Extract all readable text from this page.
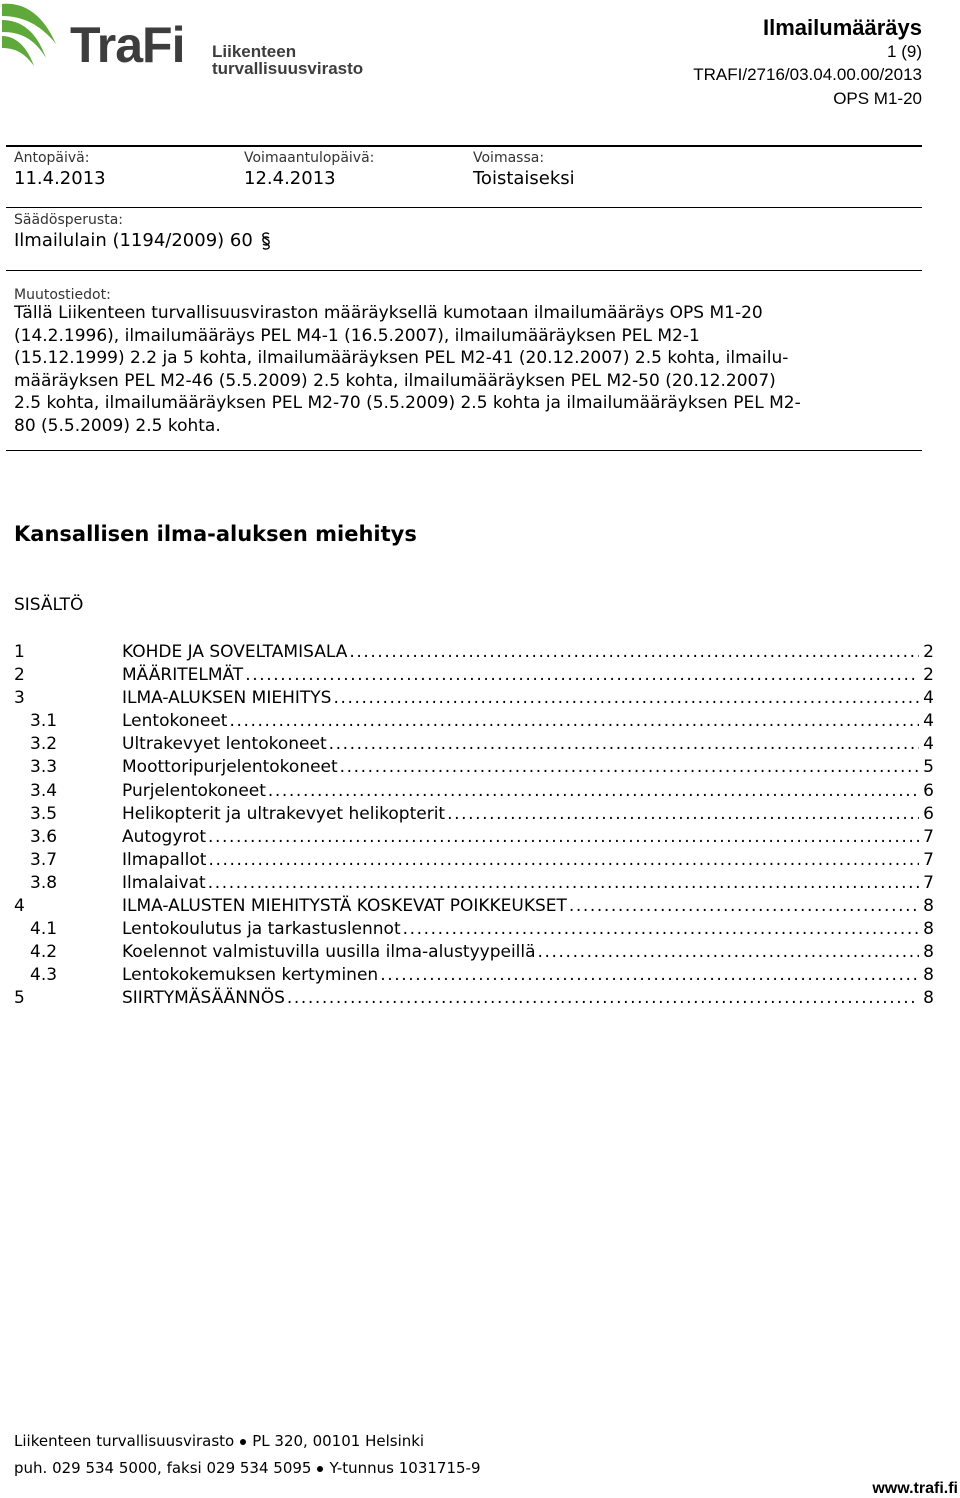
TraFi Liikenteen turvallisuusvirasto
Ilmailumääräys
1 (9)
TRAFI/2716/03.04.00.00/2013
OPS M1-20
Antopäivä:
11.4.2013
Voimaantulopäivä:
12.4.2013
Voimassa:
Toistaiseksi
Säädösperusta:
Ilmailulain (1194/2009) 60
Muutostiedot:
Tällä Liikenteen turvallisuusviraston määräyksellä kumotaan ilmailumääräys OPS M1-20
(14.2.1996), ilmailumääräys PEL M4-1 (16.5.2007), ilmailumääräyksen PEL M2-1
(15.12.1999) 2.2 ja 5 kohta, ilmailumääräyksen PEL M2-41 (20.12.2007) 2.5 kohta, ilmailu-
määräyksen PEL M2-46 (5.5.2009) 2.5 kohta, ilmailumääräyksen PEL M2-50 (20.12.2007)
2.5 kohta, ilmailumääräyksen PEL M2-70 (5.5.2009) 2.5 kohta ja ilmailumääräyksen PEL M2-
80 (5.5.2009) 2.5 kohta.
Kansallisen ilma-aluksen miehitys
SISÄLTÖ
1	KOHDE JA SOVELTAMISALA .....	2
2	MÄÄRITELMÄT .....	2
3	ILMA-ALUKSEN MIEHITYS .....	4
3.1	Lentokoneet .....	4
3.2	Ultrakevyet lentokoneet .....	4
3.3	Moottoripurjelentokoneet .....	5
3.4	Purjelentokoneet .....	6
3.5	Helikopterit ja ultrakevyet helikopterit .....	6
3.6	Autogyrot .....	7
3.7	Ilmapallot .....	7
3.8	Ilmalaivat .....	7
4	ILMA-ALUSTEN MIEHITYSTÄ KOSKEVAT POIKKEUKSET .....	8
4.1	Lentokoulutus ja tarkastuslennot .....	8
4.2	Koelennot valmistuvilla uusilla ilma-alustyypeillä .....	8
4.3	Lentokokemuksen kertyminen .....	8
5	SIIRTYMÄSÄÄNNÖS .....	8
Liikenteen turvallisuusvirasto PL 320, 00101 Helsinki
puh. 029 534 5000, faksi 029 534 5095 Y-tunnus 1031715-9
www.trafi.fi
